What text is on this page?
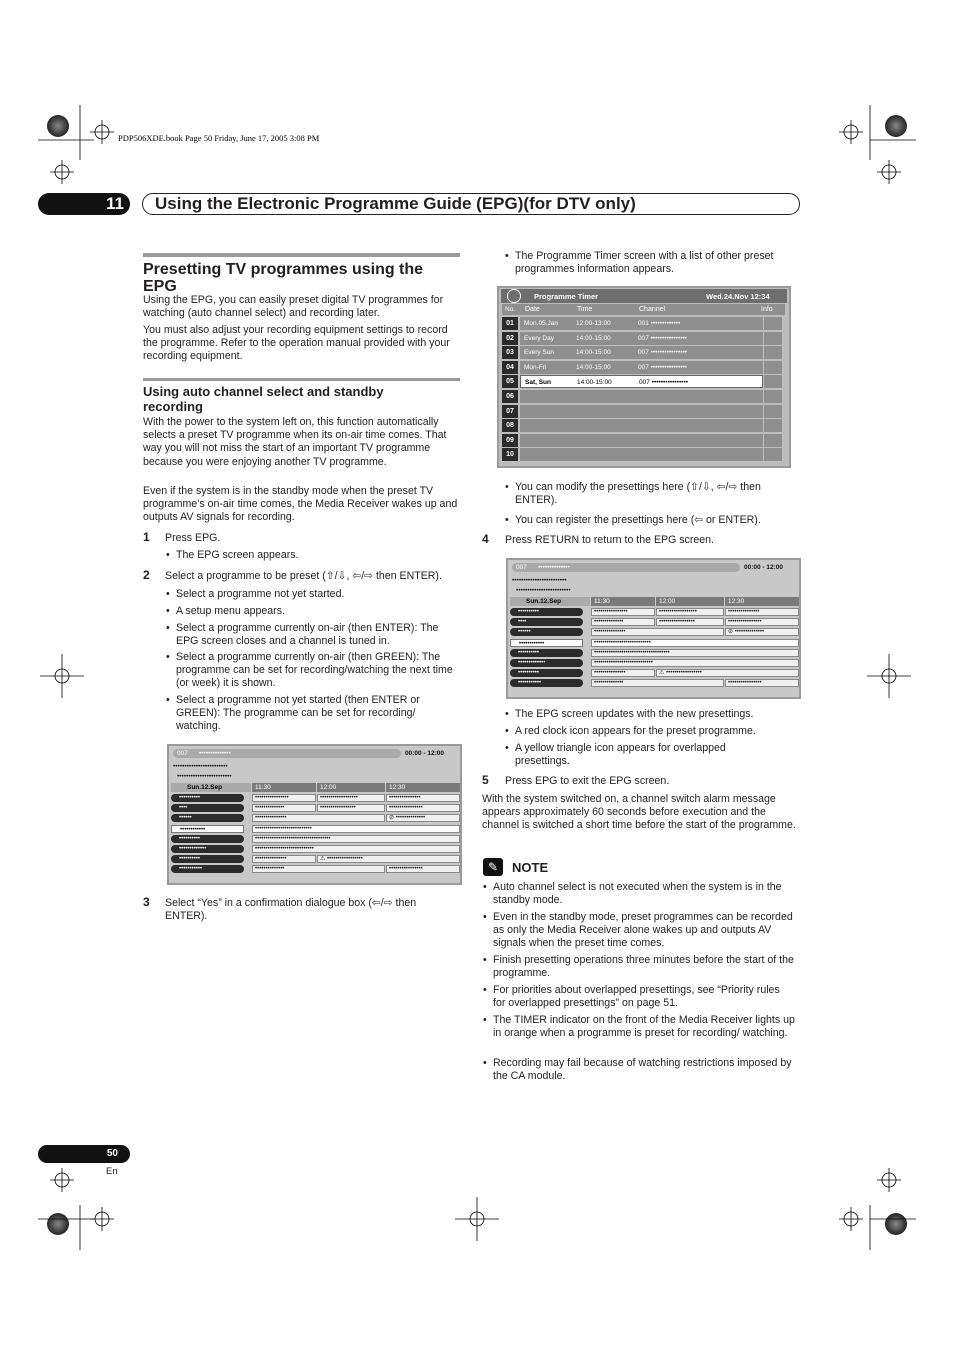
PDP506XDE.book Page 50 Friday, June 17, 2005 3:08 PM
11	Using the Electronic Programme Guide (EPG)(for DTV only)
Presetting TV programmes using the EPG
Using the EPG, you can easily preset digital TV programmes for watching (auto channel select) and recording later.
You must also adjust your recording equipment settings to record the programme. Refer to the operation manual provided with your recording equipment.
Using auto channel select and standby recording
With the power to the system left on, this function automatically selects a preset TV programme when its on-air time comes. That way you will not miss the start of an important TV programme because you were enjoying another TV programme.
Even if the system is in the standby mode when the preset TV programme’s on-air time comes, the Media Receiver wakes up and outputs AV signals for recording.
1 Press EPG.
• The EPG screen appears.
2 Select a programme to be preset (⇧/⇩, ⇦/⇨ then ENTER).
• Select a programme not yet started.
• A setup menu appears.
• Select a programme currently on-air (then ENTER): The EPG screen closes and a channel is tuned in.
• Select a programme currently on-air (then GREEN): The programme can be set for recording/watching the next time (or week) it is shown.
• Select a programme not yet started (then ENTER or GREEN): The programme can be set for recording/ watching.
007 ••••••••••••••	00:00 - 12:00
••••••••••••••••••••••••
••••••••••••••••••••••••
Sun.12.Sep	11:30	12:00	12:30
••••••••••	••••••••••••••••	••••••••••••••••••	•••••••••••••••
••••	••••••••••••••	•••••••••••••••••	••••••••••••••••
••••••	•••••••••••••••	⊘ ••••••••••••••
••••••••••••	•••••••••••••••••••••••••••
••••••••••	••••••••••••••••••••••••••••••••••••
•••••••••••••	••••••••••••••••••••••••••••
••••••••••	•••••••••••••••	⚠ •••••••••••••••••
•••••••••••	••••••••••••••	••••••••••••••••
3 Select “Yes” in a confirmation dialogue box (⇦/⇨ then ENTER).
• The Programme Timer screen with a list of other preset programmes information appears.
Programme Timer	Wed.24.Nov 12:34
No. Date	Time	Channel	Info
01	Mon.05.Jan	12:00-13:00	001 •••••••••••••
02	Every Day	14:00-15:00	007 ••••••••••••••••
03	Every Sun	14:00-15:00	007 ••••••••••••••••
04	Mon-Fri	14:00-15:00	007 ••••••••••••••••
05	Sat, Sun	14:00-15:00	007 ••••••••••••••••
06
07
08
09
10
• You can modify the presettings here (⇧/⇩, ⇦/⇨ then ENTER).
• You can register the presettings here (⇦ or ENTER).
4 Press RETURN to return to the EPG screen.
007 ••••••••••••••	00:00 - 12:00
••••••••••••••••••••••••
••••••••••••••••••••••••
Sun.12.Sep	11:30	12:00	12:30
••••••••••	••••••••••••••••	••••••••••••••••••	•••••••••••••••
••••	••••••••••••••	•••••••••••••••••	••••••••••••••••
••••••	•••••••••••••••	⊘ ••••••••••••••
••••••••••••	•••••••••••••••••••••••••••
••••••••••	••••••••••••••••••••••••••••••••••••
•••••••••••••	••••••••••••••••••••••••••••
••••••••••	•••••••••••••••	⚠ •••••••••••••••••
•••••••••••	••••••••••••••	••••••••••••••••
• The EPG screen updates with the new presettings.
• A red clock icon appears for the preset programme.
• A yellow triangle icon appears for overlapped presettings.
5 Press EPG to exit the EPG screen.
With the system switched on, a channel switch alarm message appears approximately 60 seconds before execution and the channel is switched a short time before the start of the programme.
✎	NOTE
• Auto channel select is not executed when the system is in the standby mode.
• Even in the standby mode, preset programmes can be recorded as only the Media Receiver alone wakes up and outputs AV signals when the preset time comes.
• Finish presetting operations three minutes before the start of the programme.
• For priorities about overlapped presettings, see “Priority rules for overlapped presettings” on page 51.
• The TIMER indicator on the front of the Media Receiver lights up in orange when a programme is preset for recording/ watching.
• Recording may fail because of watching restrictions imposed by the CA module.
50
En
